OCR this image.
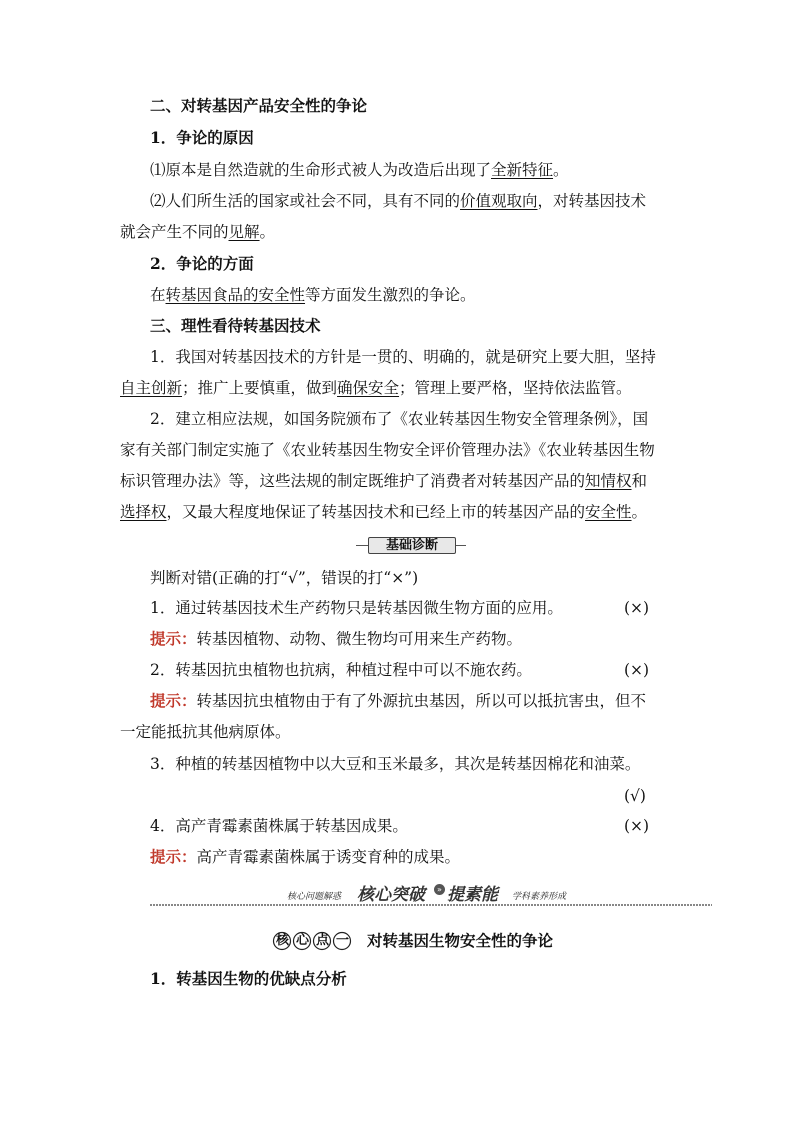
二、对转基因产品安全性的争论
1．争论的原因
⑴原本是自然造就的生命形式被人为改造后出现了全新特征。
⑵人们所生活的国家或社会不同，具有不同的价值观取向，对转基因技术
就会产生不同的见解。
2．争论的方面
在转基因食品的安全性等方面发生激烈的争论。
三、理性看待转基因技术
1．我国对转基因技术的方针是一贯的、明确的，就是研究上要大胆，坚持
自主创新；推广上要慎重，做到确保安全；管理上要严格，坚持依法监管。
2．建立相应法规，如国务院颁布了《农业转基因生物安全管理条例》，国
家有关部门制定实施了《农业转基因生物安全评价管理办法》《农业转基因生物
标识管理办法》等，这些法规的制定既维护了消费者对转基因产品的知情权和
选择权，又最大程度地保证了转基因技术和已经上市的转基因产品的安全性。
基础诊断
判断对错(正确的打“√”，错误的打“×”)
1．通过转基因技术生产药物只是转基因微生物方面的应用。	(×)
提示：转基因植物、动物、微生物均可用来生产药物。
2．转基因抗虫植物也抗病，种植过程中可以不施农药。	(×)
提示：转基因抗虫植物由于有了外源抗虫基因，所以可以抵抗害虫，但不
一定能抵抗其他病原体。
3．种植的转基因植物中以大豆和玉米最多，其次是转基因棉花和油菜。
(√)
4．高产青霉素菌株属于转基因成果。	(×)
提示：高产青霉素菌株属于诱变育种的成果。
核心问题解惑 核心突破	» 提素能 学科素养形成
核心点一 对转基因生物安全性的争论
1．转基因生物的优缺点分析
